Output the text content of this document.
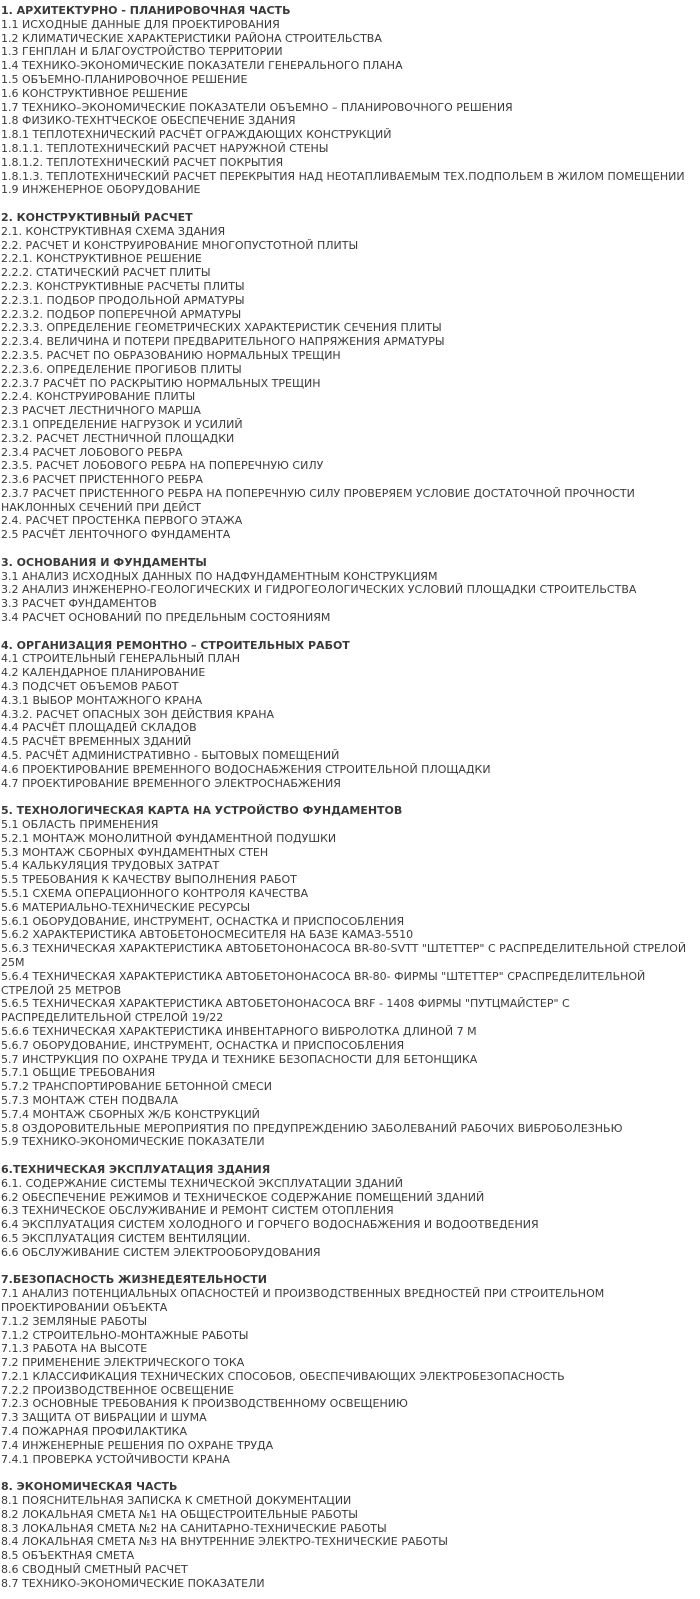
1. АРХИТЕКТУРНО - ПЛАНИРОВОЧНАЯ ЧАСТЬ
1.1 ИСХОДНЫЕ ДАННЫЕ ДЛЯ ПРОЕКТИРОВАНИЯ
1.2 КЛИМАТИЧЕСКИЕ ХАРАКТЕРИСТИКИ РАЙОНА СТРОИТЕЛЬСТВА
1.3 ГЕНПЛАН И БЛАГОУСТРОЙСТВО ТЕРРИТОРИИ
1.4 ТЕХНИКО-ЭКОНОМИЧЕСКИЕ ПОКАЗАТЕЛИ ГЕНЕРАЛЬНОГО ПЛАНА
1.5 ОБЪЕМНО-ПЛАНИРОВОЧНОЕ РЕШЕНИЕ
1.6 КОНСТРУКТИВНОЕ РЕШЕНИЕ
1.7 ТЕХНИКО–ЭКОНОМИЧЕСКИЕ ПОКАЗАТЕЛИ ОБЪЕМНО – ПЛАНИРОВОЧНОГО РЕШЕНИЯ
1.8 ФИЗИКО-ТЕХНТЧЕСКОЕ ОБЕСПЕЧЕНИЕ ЗДАНИЯ
1.8.1 ТЕПЛОТЕХНИЧЕСКИЙ РАСЧЁТ ОГРАЖДАЮЩИХ КОНСТРУКЦИЙ
1.8.1.1. ТЕПЛОТЕХНИЧЕСКИЙ РАСЧЕТ НАРУЖНОЙ СТЕНЫ
1.8.1.2. ТЕПЛОТЕХНИЧЕСКИЙ РАСЧЕТ ПОКРЫТИЯ
1.8.1.3. ТЕПЛОТЕХНИЧЕСКИЙ РАСЧЕТ ПЕРЕКРЫТИЯ НАД НЕОТАПЛИВАЕМЫМ ТЕХ.ПОДПОЛЬЕМ В ЖИЛОМ ПОМЕЩЕНИИ
1.9 ИНЖЕНЕРНОЕ ОБОРУДОВАНИЕ
2. КОНСТРУКТИВНЫЙ РАСЧЕТ
2.1. КОНСТРУКТИВНАЯ СХЕМА ЗДАНИЯ
2.2. РАСЧЕТ И КОНСТРУИРОВАНИЕ МНОГОПУСТОТНОЙ ПЛИТЫ
2.2.1. КОНСТРУКТИВНОЕ РЕШЕНИЕ
2.2.2. СТАТИЧЕСКИЙ РАСЧЕТ ПЛИТЫ
2.2.3. КОНСТРУКТИВНЫЕ РАСЧЕТЫ ПЛИТЫ
2.2.3.1. ПОДБОР ПРОДОЛЬНОЙ АРМАТУРЫ
2.2.3.2. ПОДБОР ПОПЕРЕЧНОЙ АРМАТУРЫ
2.2.3.3. ОПРЕДЕЛЕНИЕ ГЕОМЕТРИЧЕСКИХ ХАРАКТЕРИСТИК СЕЧЕНИЯ ПЛИТЫ
2.2.3.4. ВЕЛИЧИНА И ПОТЕРИ ПРЕДВАРИТЕЛЬНОГО НАПРЯЖЕНИЯ АРМАТУРЫ
2.2.3.5. РАСЧЕТ ПО ОБРАЗОВАНИЮ НОРМАЛЬНЫХ ТРЕЩИН
2.2.3.6. ОПРЕДЕЛЕНИЕ ПРОГИБОВ ПЛИТЫ
2.2.3.7 РАСЧЁТ ПО РАСКРЫТИЮ НОРМАЛЬНЫХ ТРЕЩИН
2.2.4. КОНСТРУИРОВАНИЕ ПЛИТЫ
2.3 РАСЧЕТ ЛЕСТНИЧНОГО МАРША
2.3.1 ОПРЕДЕЛЕНИЕ НАГРУЗОК И УСИЛИЙ
2.3.2. РАСЧЕТ ЛЕСТНИЧНОЙ ПЛОЩАДКИ
2.3.4 РАСЧЕТ ЛОБОВОГО РЕБРА
2.3.5. РАСЧЕТ ЛОБОВОГО РЕБРА НА ПОПЕРЕЧНУЮ СИЛУ
2.3.6 РАСЧЕТ ПРИСТЕННОГО РЕБРА
2.3.7 РАСЧЕТ ПРИСТЕННОГО РЕБРА НА ПОПЕРЕЧНУЮ СИЛУ ПРОВЕРЯЕМ УСЛОВИЕ ДОСТАТОЧНОЙ ПРОЧНОСТИ НАКЛОННЫХ СЕЧЕНИЙ ПРИ ДЕЙСТ
2.4. РАСЧЕТ ПРОСТЕНКА ПЕРВОГО ЭТАЖА
2.5 РАСЧЁТ ЛЕНТОЧНОГО ФУНДАМЕНТА
3. ОСНОВАНИЯ И ФУНДАМЕНТЫ
3.1 АНАЛИЗ ИСХОДНЫХ ДАННЫХ ПО НАДФУНДАМЕНТНЫМ КОНСТРУКЦИЯМ
3.2 АНАЛИЗ ИНЖЕНЕРНО-ГЕОЛОГИЧЕСКИХ И ГИДРОГЕОЛОГИЧЕСКИХ УСЛОВИЙ ПЛОЩАДКИ СТРОИТЕЛЬСТВА
3.3 РАСЧЕТ ФУНДАМЕНТОВ
3.4 РАСЧЕТ ОСНОВАНИЙ ПО ПРЕДЕЛЬНЫМ СОСТОЯНИЯМ
4. ОРГАНИЗАЦИЯ РЕМОНТНО – СТРОИТЕЛЬНЫХ РАБОТ
4.1 СТРОИТЕЛЬНЫЙ ГЕНЕРАЛЬНЫЙ ПЛАН
4.2 КАЛЕНДАРНОЕ ПЛАНИРОВАНИЕ
4.3 ПОДСЧЕТ ОБЪЕМОВ РАБОТ
4.3.1 ВЫБОР МОНТАЖНОГО КРАНА
4.3.2. РАСЧЕТ ОПАСНЫХ ЗОН ДЕЙСТВИЯ КРАНА
4.4 РАСЧЁТ ПЛОЩАДЕЙ СКЛАДОВ
4.5 РАСЧЁТ ВРЕМЕННЫХ ЗДАНИЙ
4.5. РАСЧЁТ АДМИНИСТРАТИВНО - БЫТОВЫХ ПОМЕЩЕНИЙ
4.6 ПРОЕКТИРОВАНИЕ ВРЕМЕННОГО ВОДОСНАБЖЕНИЯ СТРОИТЕЛЬНОЙ ПЛОЩАДКИ
4.7 ПРОЕКТИРОВАНИЕ ВРЕМЕННОГО ЭЛЕКТРОСНАБЖЕНИЯ
5. ТЕХНОЛОГИЧЕСКАЯ КАРТА НА УСТРОЙСТВО ФУНДАМЕНТОВ
5.1 ОБЛАСТЬ ПРИМЕНЕНИЯ
5.2.1 МОНТАЖ МОНОЛИТНОЙ ФУНДАМЕНТНОЙ ПОДУШКИ
5.3 МОНТАЖ СБОРНЫХ ФУНДАМЕНТНЫХ СТЕН
5.4 КАЛЬКУЛЯЦИЯ ТРУДОВЫХ ЗАТРАТ
5.5 ТРЕБОВАНИЯ К КАЧЕСТВУ ВЫПОЛНЕНИЯ РАБОТ
5.5.1 СХЕМА ОПЕРАЦИОННОГО КОНТРОЛЯ КАЧЕСТВА
5.6 МАТЕРИАЛЬНО-ТЕХНИЧЕСКИЕ РЕСУРСЫ
5.6.1 ОБОРУДОВАНИЕ, ИНСТРУМЕНТ, ОСНАСТКА И ПРИСПОСОБЛЕНИЯ
5.6.2 ХАРАКТЕРИСТИКА АВТОБЕТОНОСМЕСИТЕЛЯ НА БАЗЕ КАМАЗ-5510
5.6.3 ТЕХНИЧЕСКАЯ ХАРАКТЕРИСТИКА АВТОБЕТОНОНАСОСА BR-80-SVTT "ШТЕТТЕР" С РАСПРЕДЕЛИТЕЛЬНОЙ СТРЕЛОЙ 25М
5.6.4 ТЕХНИЧЕСКАЯ ХАРАКТЕРИСТИКА АВТОБЕТОНОНАСОСА BR-80- ФИРМЫ "ШТЕТТЕР" СРАСПРЕДЕЛИТЕЛЬНОЙ СТРЕЛОЙ 25 МЕТРОВ
5.6.5 ТЕХНИЧЕСКАЯ ХАРАКТЕРИСТИКА АВТОБЕТОНОНАСОСА BRF - 1408 ФИРМЫ "ПУТЦМАЙСТЕР" С РАСПРЕДЕЛИТЕЛЬНОЙ СТРЕЛОЙ 19/22
5.6.6 ТЕХНИЧЕСКАЯ ХАРАКТЕРИСТИКА ИНВЕНТАРНОГО ВИБРОЛОТКА ДЛИНОЙ 7 М
5.6.7 ОБОРУДОВАНИЕ, ИНСТРУМЕНТ, ОСНАСТКА И ПРИСПОСОБЛЕНИЯ
5.7 ИНСТРУКЦИЯ ПО ОХРАНЕ ТРУДА И ТЕХНИКЕ БЕЗОПАСНОСТИ ДЛЯ БЕТОНЩИКА
5.7.1 ОБЩИЕ ТРЕБОВАНИЯ
5.7.2 ТРАНСПОРТИРОВАНИЕ БЕТОННОЙ СМЕСИ
5.7.3 МОНТАЖ СТЕН ПОДВАЛА
5.7.4 МОНТАЖ СБОРНЫХ Ж/Б КОНСТРУКЦИЙ
5.8 ОЗДОРОВИТЕЛЬНЫЕ МЕРОПРИЯТИЯ ПО ПРЕДУПРЕЖДЕНИЮ ЗАБОЛЕВАНИЙ РАБОЧИХ ВИБРОБОЛЕЗНЬЮ
5.9 ТЕХНИКО-ЭКОНОМИЧЕСКИЕ ПОКАЗАТЕЛИ
6.ТЕХНИЧЕСКАЯ ЭКСПЛУАТАЦИЯ ЗДАНИЯ
6.1. СОДЕРЖАНИЕ СИСТЕМЫ ТЕХНИЧЕСКОЙ ЭКСПЛУАТАЦИИ ЗДАНИЙ
6.2 ОБЕСПЕЧЕНИЕ РЕЖИМОВ И ТЕХНИЧЕСКОЕ СОДЕРЖАНИЕ ПОМЕЩЕНИЙ ЗДАНИЙ
6.3 ТЕХНИЧЕСКОЕ ОБСЛУЖИВАНИЕ И РЕМОНТ СИСТЕМ ОТОПЛЕНИЯ
6.4 ЭКСПЛУАТАЦИЯ СИСТЕМ ХОЛОДНОГО И ГОРЧЕГО ВОДОСНАБЖЕНИЯ И ВОДООТВЕДЕНИЯ
6.5 ЭКСПЛУАТАЦИЯ СИСТЕМ ВЕНТИЛЯЦИИ.
6.6 ОБСЛУЖИВАНИЕ СИСТЕМ ЭЛЕКТРООБОРУДОВАНИЯ
7.БЕЗОПАСНОСТЬ ЖИЗНЕДЕЯТЕЛЬНОСТИ
7.1 АНАЛИЗ ПОТЕНЦИАЛЬНЫХ ОПАСНОСТЕЙ И ПРОИЗВОДСТВЕННЫХ ВРЕДНОСТЕЙ ПРИ СТРОИТЕЛЬНОМ ПРОЕКТИРОВАНИИ ОБЪЕКТА
7.1.2 ЗЕМЛЯНЫЕ РАБОТЫ
7.1.2 СТРОИТЕЛЬНО-МОНТАЖНЫЕ РАБОТЫ
7.1.3 РАБОТА НА ВЫСОТЕ
7.2 ПРИМЕНЕНИЕ ЭЛЕКТРИЧЕСКОГО ТОКА
7.2.1 КЛАССИФИКАЦИЯ ТЕХНИЧЕСКИХ СПОСОБОВ, ОБЕСПЕЧИВАЮЩИХ ЭЛЕКТРОБЕЗОПАСНОСТЬ
7.2.2 ПРОИЗВОДСТВЕННОЕ ОСВЕЩЕНИЕ
7.2.3 ОСНОВНЫЕ ТРЕБОВАНИЯ К ПРОИЗВОДСТВЕННОМУ ОСВЕЩЕНИЮ
7.3 ЗАЩИТА ОТ ВИБРАЦИИ И ШУМА
7.4 ПОЖАРНАЯ ПРОФИЛАКТИКА
7.4 ИНЖЕНЕРНЫЕ РЕШЕНИЯ ПО ОХРАНЕ ТРУДА
7.4.1 ПРОВЕРКА УСТОЙЧИВОСТИ КРАНА
8. ЭКОНОМИЧЕСКАЯ ЧАСТЬ
8.1 ПОЯСНИТЕЛЬНАЯ ЗАПИСКА К СМЕТНОЙ ДОКУМЕНТАЦИИ
8.2 ЛОКАЛЬНАЯ СМЕТА №1 НА ОБЩЕСТРОИТЕЛЬНЫЕ РАБОТЫ
8.3 ЛОКАЛЬНАЯ СМЕТА №2 НА САНИТАРНО-ТЕХНИЧЕСКИЕ РАБОТЫ
8.4 ЛОКАЛЬНАЯ СМЕТА №3 НА ВНУТРЕННИЕ ЭЛЕКТРО-ТЕХНИЧЕСКИЕ РАБОТЫ
8.5 ОБЪЕКТНАЯ СМЕТА
8.6 СВОДНЫЙ СМЕТНЫЙ РАСЧЕТ
8.7 ТЕХНИКО-ЭКОНОМИЧЕСКИЕ ПОКАЗАТЕЛИ
